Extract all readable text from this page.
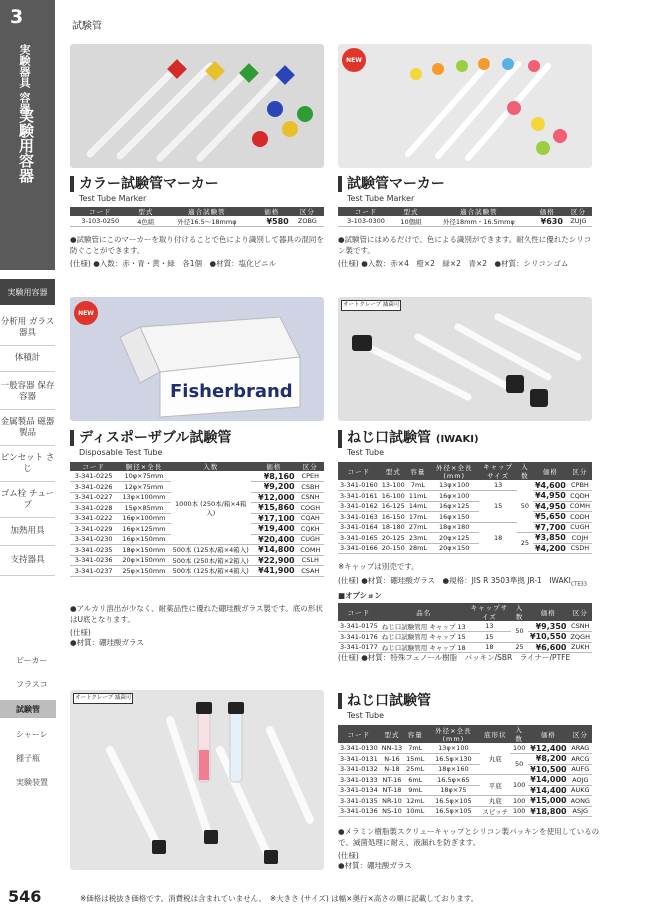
3
実験器具 容器
実験用容器
実験用容器
分析用 ガラス器具
体積計
一般容器 保存容器
金属製品 磁器製品
ピンセット さじ
ゴム栓 チューブ
加熱用具
支持器具
ビーカー
フラスコ
試験管
シャーレ
種子瓶
実験装置
試験管
カラー試験管マーカー
Test Tube Marker
コード	型式	適合試験管	価格	区分
3-103-0250	4色組	外径16.5〜18mmφ	¥580	ZOBG
●試験管にこのマーカーを取り付けることで色により識別して器具の混同を防ぐことができます。
(仕様) ●入数：赤・青・黄・緑　各1個　●材質：塩化ビニル
NEW
試験管マーカー
Test Tube Marker
コード	型式	適合試験管	価格	区分
3-103-0300	10個組	外径18mm・16.5mmφ	¥630	ZUJG
●試験管にはめるだけで、色による識別ができます。耐久性に優れたシリコン製です。
(仕様) ●入数：赤×4　橙×2　緑×2　青×2　●材質：シリコンゴム
Fisherbrand
NEW
ディスポーザブル試験管
Disposable Test Tube
コード	胴径×全長	入数	価格	区分
3-341-0225	10φ×75mm	1000本 (250本/箱×4箱入)	¥8,160	CPEH
3-341-0226	12φ×75mm		¥9,200	CSBH
3-341-0227	13φ×100mm		¥12,000	CSNH
3-341-0228	15φ×85mm		¥15,860	COGH
3-341-0222	16φ×100mm		¥17,100	CQAH
3-341-0229	16φ×125mm		¥19,400	CQKH
3-341-0230	16φ×150mm		¥20,400	CUGH
3-341-0235	18φ×150mm	500本 (125本/箱×4箱入)	¥14,800	COMH
3-341-0236	20φ×150mm	500本 (250本/箱×2箱入)	¥22,900	CSLH
3-341-0237	25φ×150mm	500本 (125本/箱×4箱入)	¥41,900	CSAH
●アルカリ溶出が少なく、耐薬品性に優れた硼珪酸ガラス製です。底の形状はU底となります。
(仕様)
●材質：硼珪酸ガラス
オートクレーブ 滅菌可
ねじ口試験管 (IWAKI)
Test Tube
コード	型式	容量	外径×全長(mm)	キャップサイズ	入数	価格	区分
3-341-0160	13-100	7mL	13φ×100	13	50	¥4,600	CPBH
3-341-0161	16-100	11mL	16φ×100	15		¥4,950	CQDH
3-341-0162	16-125	14mL	16φ×125			¥4,950	COMH
3-341-0163	16-150	17mL	16φ×150			¥5,650	CODH
3-341-0164	18-180	27mL	18φ×180	18		¥7,700	CUGH
3-341-0165	20-125	23mL	20φ×125		25	¥3,850	COJH
3-341-0166	20-150	28mL	20φ×150			¥4,200	CSDH
※キャップは別売です。
(仕様) ●材質：硼珪酸ガラス　●規格：JIS R 3503準拠 JR-1　$IWAKI_{CTE33}$
■オプション
コード	品名	キャップサイズ	入数	価格	区分
3-341-0175	ねじ口試験管用 キャップ 13	13	50	¥9,350	CSNH
3-341-0176	ねじ口試験管用 キャップ 15	15		¥10,550	ZQGH
3-341-0177	ねじ口試験管用 キャップ 18	18	25	¥6,600	ZUKH
(仕様) ●材質：特殊フェノール樹脂　パッキン/SBR　ライナー/PTFE
オートクレーブ 滅菌可	ねじ口試験管
Test Tube
コード	型式	容量	外径×全長(mm)	底形状	入数	価格	区分
3-341-0130	NN-13	7mL	13φ×100	丸底	100	¥12,400	ARAG
3-341-0131	N-16	15mL	16.5φ×130		50	¥8,200	ARCG
3-341-0132	N-18	25mL	18φ×160			¥10,500	AUFG
3-341-0133	NT-16	6mL	16.5φ×65	平底	100	¥14,000	AOJG
3-341-0134	NT-18	9mL	18φ×75			¥14,400	AUKG
3-341-0135	NR-10	12mL	16.5φ×105	丸底	100	¥15,000	AONG
3-341-0136	NS-10	10mL	16.5φ×105	スピッチ	100	¥18,800	ASJG
●メラミン樹脂製スクリューキャップとシリコン製パッキンを使用しているので、滅菌処理に耐え、液漏れを防ぎます。
(仕様)
●材質：硼珪酸ガラス
546	※価格は税抜き価格です。消費税は含まれていません。　※大きさ (サイズ) は幅×奥行×高さの順に記載しております。
